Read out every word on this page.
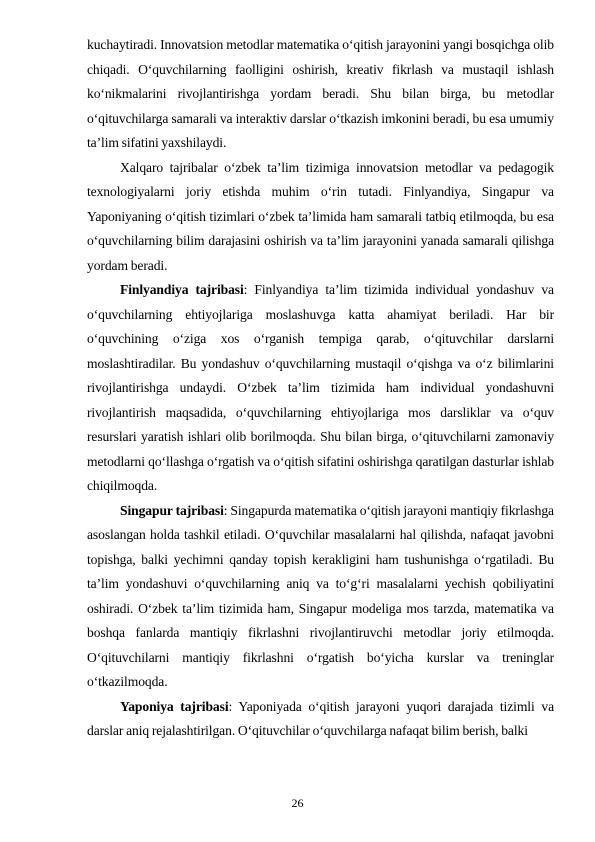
kuchaytiradi. Innovatsion metodlar matematika o‘qitish jarayonini yangi bosqichga olib chiqadi. O‘quvchilarning faolligini oshirish, kreativ fikrlash va mustaqil ishlash ko‘nikmalarini rivojlantirishga yordam beradi. Shu bilan birga, bu metodlar o‘qituvchilarga samarali va interaktiv darslar o‘tkazish imkonini beradi, bu esa umumiy ta’lim sifatini yaxshilaydi.

Xalqaro tajribalar o‘zbek ta’lim tizimiga innovatsion metodlar va pedagogik texnologiyalarni joriy etishda muhim o‘rin tutadi. Finlyandiya, Singapur va Yaponiyaning o‘qitish tizimlari o‘zbek ta’limida ham samarali tatbiq etilmoqda, bu esa o‘quvchilarning bilim darajasini oshirish va ta’lim jarayonini yanada samarali qilishga yordam beradi.

Finlyandiya tajribasi: Finlyandiya ta’lim tizimida individual yondashuv va o‘quvchilarning ehtiyojlariga moslashuvga katta ahamiyat beriladi. Har bir o‘quvchining o‘ziga xos o‘rganish tempiga qarab, o‘qituvchilar darslarni moslashtiradilar. Bu yondashuv o‘quvchilarning mustaqil o‘qishga va o‘z bilimlarini rivojlantirishga undaydi. O‘zbek ta’lim tizimida ham individual yondashuvni rivojlantirish maqsadida, o‘quvchilarning ehtiyojlariga mos darsliklar va o‘quv resurslari yaratish ishlari olib borilmoqda. Shu bilan birga, o‘qituvchilarni zamonaviy metodlarni qo‘llashga o‘rgatish va o‘qitish sifatini oshirishga qaratilgan dasturlar ishlab chiqilmoqda.

Singapur tajribasi: Singapurda matematika o‘qitish jarayoni mantiqiy fikrlashga asoslangan holda tashkil etiladi. O‘quvchilar masalalarni hal qilishda, nafaqat javobni topishga, balki yechimni qanday topish kerakligini ham tushunishga o‘rgatiladi. Bu ta’lim yondashuvi o‘quvchilarning aniq va to‘g‘ri masalalarni yechish qobiliyatini oshiradi. O‘zbek ta’lim tizimida ham, Singapur modeliga mos tarzda, matematika va boshqa fanlarda mantiqiy fikrlashni rivojlantiruvchi metodlar joriy etilmoqda. O‘qituvchilarni mantiqiy fikrlashni o‘rgatish bo‘yicha kurslar va treninglar o‘tkazilmoqda.

Yaponiya tajribasi: Yaponiyada o‘qitish jarayoni yuqori darajada tizimli va darslar aniq rejalashtirilgan. O‘qituvchilar o‘quvchilarga nafaqat bilim berish, balki

26
